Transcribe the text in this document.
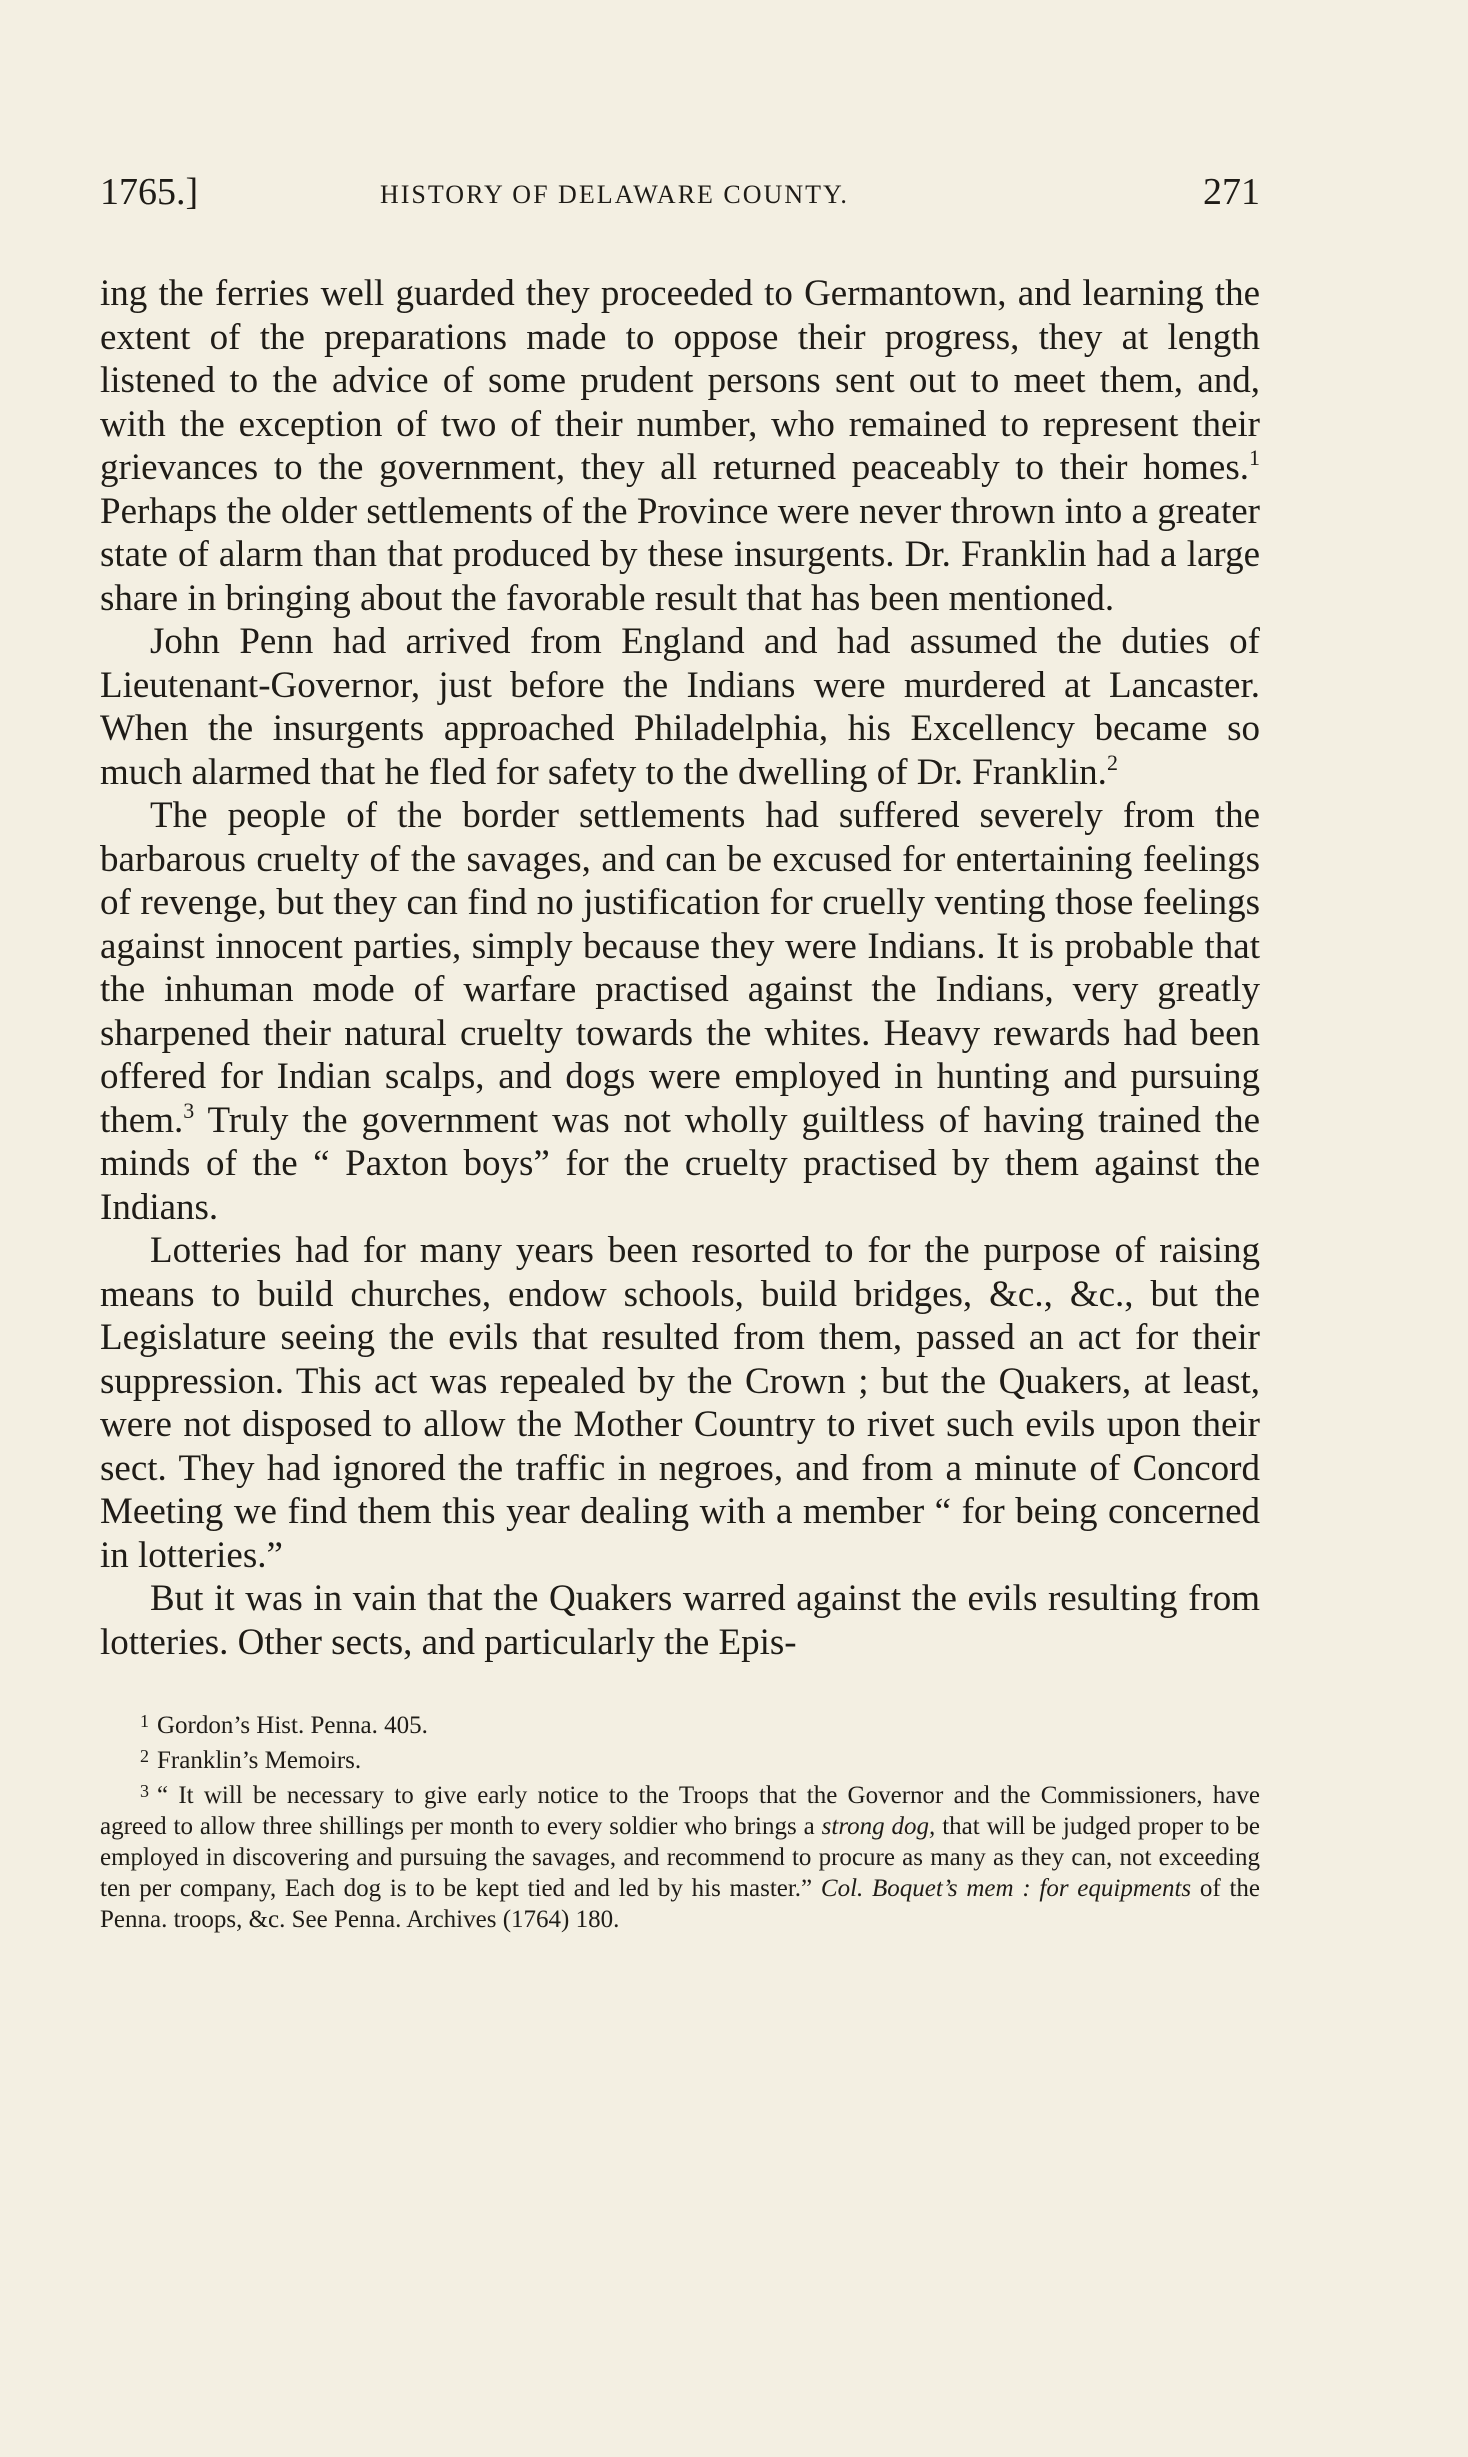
1765.]	HISTORY OF DELAWARE COUNTY.	271

ing the ferries well guarded they proceeded to Germantown, and learning the extent of the preparations made to oppose their progress, they at length listened to the advice of some prudent persons sent out to meet them, and, with the exception of two of their number, who remained to represent their grievances to the government, they all returned peaceably to their homes.$^1$ Perhaps the older settlements of the Province were never thrown into a greater state of alarm than that produced by these insurgents. Dr. Franklin had a large share in bringing about the favorable result that has been mentioned.

John Penn had arrived from England and had assumed the duties of Lieutenant-Governor, just before the Indians were murdered at Lancaster. When the insurgents approached Philadelphia, his Excellency became so much alarmed that he fled for safety to the dwelling of Dr. Franklin.$^2$

The people of the border settlements had suffered severely from the barbarous cruelty of the savages, and can be excused for entertaining feelings of revenge, but they can find no justification for cruelly venting those feelings against innocent parties, simply because they were Indians. It is probable that the inhuman mode of warfare practised against the Indians, very greatly sharpened their natural cruelty towards the whites. Heavy rewards had been offered for Indian scalps, and dogs were employed in hunting and pursuing them.$^3$ Truly the government was not wholly guiltless of having trained the minds of the “ Paxton boys” for the cruelty practised by them against the Indians.

Lotteries had for many years been resorted to for the purpose of raising means to build churches, endow schools, build bridges, &c., &c., but the Legislature seeing the evils that resulted from them, passed an act for their suppression. This act was repealed by the Crown ; but the Quakers, at least, were not disposed to allow the Mother Country to rivet such evils upon their sect. They had ignored the traffic in negroes, and from a minute of Concord Meeting we find them this year dealing with a member “ for being concerned in lotteries.”

But it was in vain that the Quakers warred against the evils resulting from lotteries. Other sects, and particularly the Epis-

$^1$ Gordon’s Hist. Penna. 405.

$^2$ Franklin’s Memoirs.

$^3$ “ It will be necessary to give early notice to the Troops that the Governor and the Commissioners, have agreed to allow three shillings per month to every soldier who brings a strong dog, that will be judged proper to be employed in discovering and pursuing the savages, and recommend to procure as many as they can, not exceeding ten per company, Each dog is to be kept tied and led by his master.” Col. Boquet’s mem : for equipments of the Penna. troops, &c. See Penna. Archives (1764) 180.
